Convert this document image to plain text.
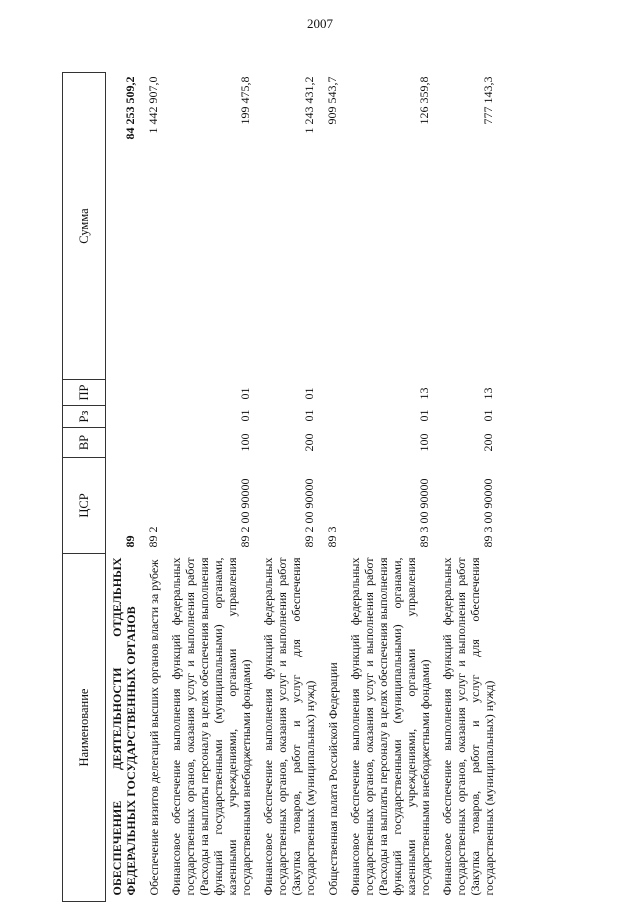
2007
Наименование	ЦСР	ВР	Рз	ПР	Сумма
ОБЕСПЕЧЕНИЕ ДЕЯТЕЛЬНОСТИ ОТДЕЛЬНЫХ ФЕДЕРАЛЬНЫХ ГОСУДАРСТВЕННЫХ ОРГАНОВ	89				84 253 509,2
Обеспечение визитов делегаций высших органов власти за рубеж	89 2				1 442 907,0
Финансовое обеспечение выполнения функций федеральных государственных органов, оказания услуг и выполнения работ (Расходы на выплаты персоналу в целях обеспечения выполнения функций государственными (муниципальными) органами, казенными учреждениями, органами управления государственными внебюджетными фондами)	89 2 00 90000	100	01	01	199 475,8
Финансовое обеспечение выполнения функций федеральных государственных органов, оказания услуг и выполнения работ (Закупка товаров, работ и услуг для обеспечения государственных (муниципальных) нужд)	89 2 00 90000	200	01	01	1 243 431,2
Общественная палата Российской Федерации	89 3				909 543,7
Финансовое обеспечение выполнения функций федеральных государственных органов, оказания услуг и выполнения работ (Расходы на выплаты персоналу в целях обеспечения выполнения функций государственными (муниципальными) органами, казенными учреждениями, органами управления государственными внебюджетными фондами)	89 3 00 90000	100	01	13	126 359,8
Финансовое обеспечение выполнения функций федеральных государственных органов, оказания услуг и выполнения работ (Закупка товаров, работ и услуг для обеспечения государственных (муниципальных) нужд)	89 3 00 90000	200	01	13	777 143,3
